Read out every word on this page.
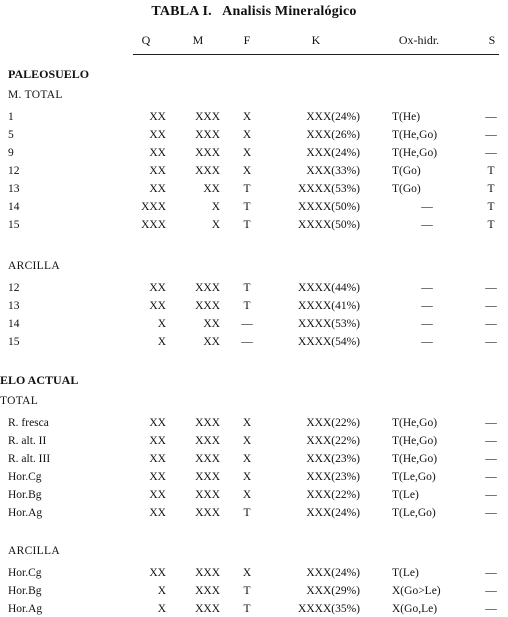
TABLA I.   Analisis Mineralógico
Q	M	F	K	Ox-hidr.	S
PALEOSUELO
M. TOTAL
1	XX	XXX	X	XXX(24%)	T(He)	—
5	XX	XXX	X	XXX(26%)	T(He,Go)	—
9	XX	XXX	X	XXX(24%)	T(He,Go)	—
12	XX	XXX	X	XXX(33%)	T(Go)	T
13	XX	XX	T	XXXX(53%)	T(Go)	T
14	XXX	X	T	XXXX(50%)	—	T
15	XXX	X	T	XXXX(50%)	—	T
ARCILLA
12	XX	XXX	T	XXXX(44%)	—	—
13	XX	XXX	T	XXXX(41%)	—	—
14	X	XX	—	XXXX(53%)	—	—
15	X	XX	—	XXXX(54%)	—	—
ELO ACTUAL
TOTAL
R. fresca	XX	XXX	X	XXX(22%)	T(He,Go)	—
R. alt. II	XX	XXX	X	XXX(22%)	T(He,Go)	—
R. alt. III	XX	XXX	X	XXX(23%)	T(He,Go)	—
Hor.Cg	XX	XXX	X	XXX(23%)	T(Le,Go)	—
Hor.Bg	XX	XXX	X	XXX(22%)	T(Le)	—
Hor.Ag	XX	XXX	T	XXX(24%)	T(Le,Go)	—
ARCILLA
Hor.Cg	XX	XXX	X	XXX(24%)	T(Le)	—
Hor.Bg	X	XXX	T	XXX(29%)	X(Go>Le)	—
Hor.Ag	X	XXX	T	XXXX(35%)	X(Go,Le)	—
